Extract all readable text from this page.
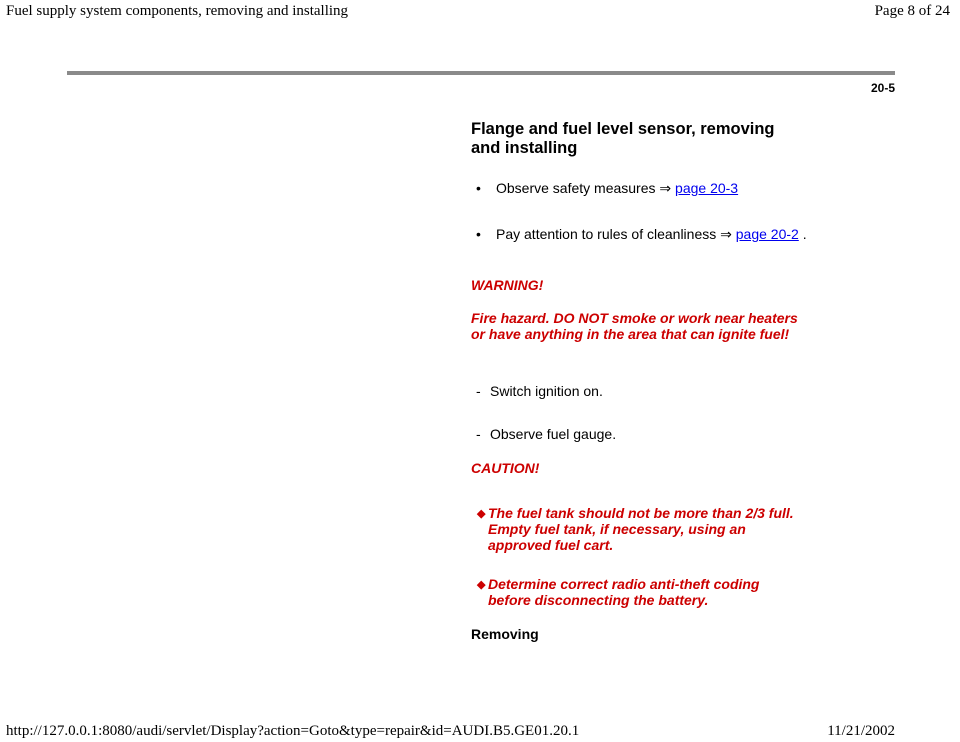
Fuel supply system components, removing and installing	Page 8 of 24
20-5
Flange and fuel level sensor, removing and installing
• Observe safety measures ⇒ page 20-3
• Pay attention to rules of cleanliness ⇒ page 20-2 .
WARNING!
Fire hazard. DO NOT smoke or work near heaters or have anything in the area that can ignite fuel!
- Switch ignition on.
- Observe fuel gauge.
CAUTION!
◆ The fuel tank should not be more than 2/3 full. Empty fuel tank, if necessary, using an approved fuel cart.
◆ Determine correct radio anti-theft coding before disconnecting the battery.
Removing
http://127.0.0.1:8080/audi/servlet/Display?action=Goto&type=repair&id=AUDI.B5.GE01.20.1	11/21/2002
